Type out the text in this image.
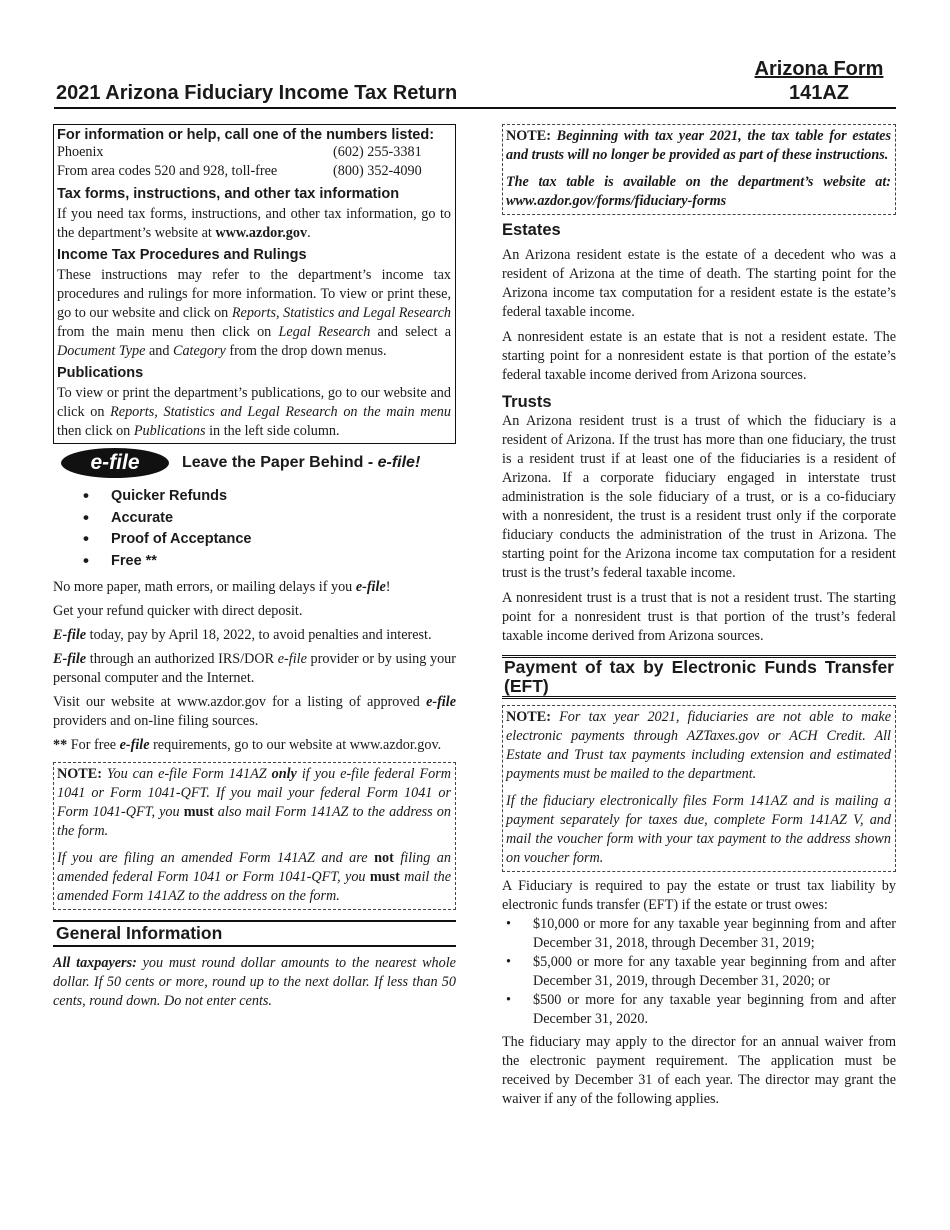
Arizona Form
141AZ
2021 Arizona Fiduciary Income Tax Return

For information or help, call one of the numbers listed:

Phoenix	(602) 255-3381
From area codes 520 and 928, toll-free	(800) 352-4090

Tax forms, instructions, and other tax information

If you need tax forms, instructions, and other tax information, go to the department’s website at www.azdor.gov.

Income Tax Procedures and Rulings

These instructions may refer to the department’s income tax procedures and rulings for more information. To view or print these, go to our website and click on Reports, Statistics and Legal Research from the main menu then click on Legal Research and select a Document Type and Category from the drop down menus.

Publications

To view or print the department’s publications, go to our website and click on Reports, Statistics and Legal Research on the main menu then click on Publications in the left side column.

e-file	Leave the Paper Behind - e-file!
• Quicker Refunds
• Accurate
• Proof of Acceptance
• Free **

No more paper, math errors, or mailing delays if you e-file!

Get your refund quicker with direct deposit.

E-file today, pay by April 18, 2022, to avoid penalties and interest.

E-file through an authorized IRS/DOR e-file provider or by using your personal computer and the Internet.

Visit our website at www.azdor.gov for a listing of approved e-file providers and on-line filing sources.

** For free e-file requirements, go to our website at www.azdor.gov.

NOTE: You can e-file Form 141AZ only if you e-file federal Form 1041 or Form 1041-QFT. If you mail your federal Form 1041 or Form 1041-QFT, you must also mail Form 141AZ to the address on the form.

If you are filing an amended Form 141AZ and are not filing an amended federal Form 1041 or Form 1041-QFT, you must mail the amended Form 141AZ to the address on the form.

General Information

All taxpayers: you must round dollar amounts to the nearest whole dollar. If 50 cents or more, round up to the next dollar. If less than 50 cents, round down. Do not enter cents.

NOTE: Beginning with tax year 2021, the tax table for estates and trusts will no longer be provided as part of these instructions.

The tax table is available on the department’s website at: www.azdor.gov/forms/fiduciary-forms

Estates

An Arizona resident estate is the estate of a decedent who was a resident of Arizona at the time of death. The starting point for the Arizona income tax computation for a resident estate is the estate’s federal taxable income.

A nonresident estate is an estate that is not a resident estate. The starting point for a nonresident estate is that portion of the estate’s federal taxable income derived from Arizona sources.

Trusts

An Arizona resident trust is a trust of which the fiduciary is a resident of Arizona. If the trust has more than one fiduciary, the trust is a resident trust if at least one of the fiduciaries is a resident of Arizona. If a corporate fiduciary engaged in interstate trust administration is the sole fiduciary of a trust, or is a co-fiduciary with a nonresident, the trust is a resident trust only if the corporate fiduciary conducts the administration of the trust in Arizona. The starting point for the Arizona income tax computation for a resident trust is the trust’s federal taxable income.

A nonresident trust is a trust that is not a resident trust. The starting point for a nonresident trust is that portion of the trust’s federal taxable income derived from Arizona sources.

Payment of tax by Electronic Funds Transfer (EFT)

NOTE: For tax year 2021, fiduciaries are not able to make electronic payments through AZTaxes.gov or ACH Credit. All Estate and Trust tax payments including extension and estimated payments must be mailed to the department.

If the fiduciary electronically files Form 141AZ and is mailing a payment separately for taxes due, complete Form 141AZ V, and mail the voucher form with your tax payment to the address shown on voucher form.

A Fiduciary is required to pay the estate or trust tax liability by electronic funds transfer (EFT) if the estate or trust owes:

• $10,000 or more for any taxable year beginning from and after December 31, 2018, through December 31, 2019;
• $5,000 or more for any taxable year beginning from and after December 31, 2019, through December 31, 2020; or
• $500 or more for any taxable year beginning from and after December 31, 2020.

The fiduciary may apply to the director for an annual waiver from the electronic payment requirement. The application must be received by December 31 of each year. The director may grant the waiver if any of the following applies.
